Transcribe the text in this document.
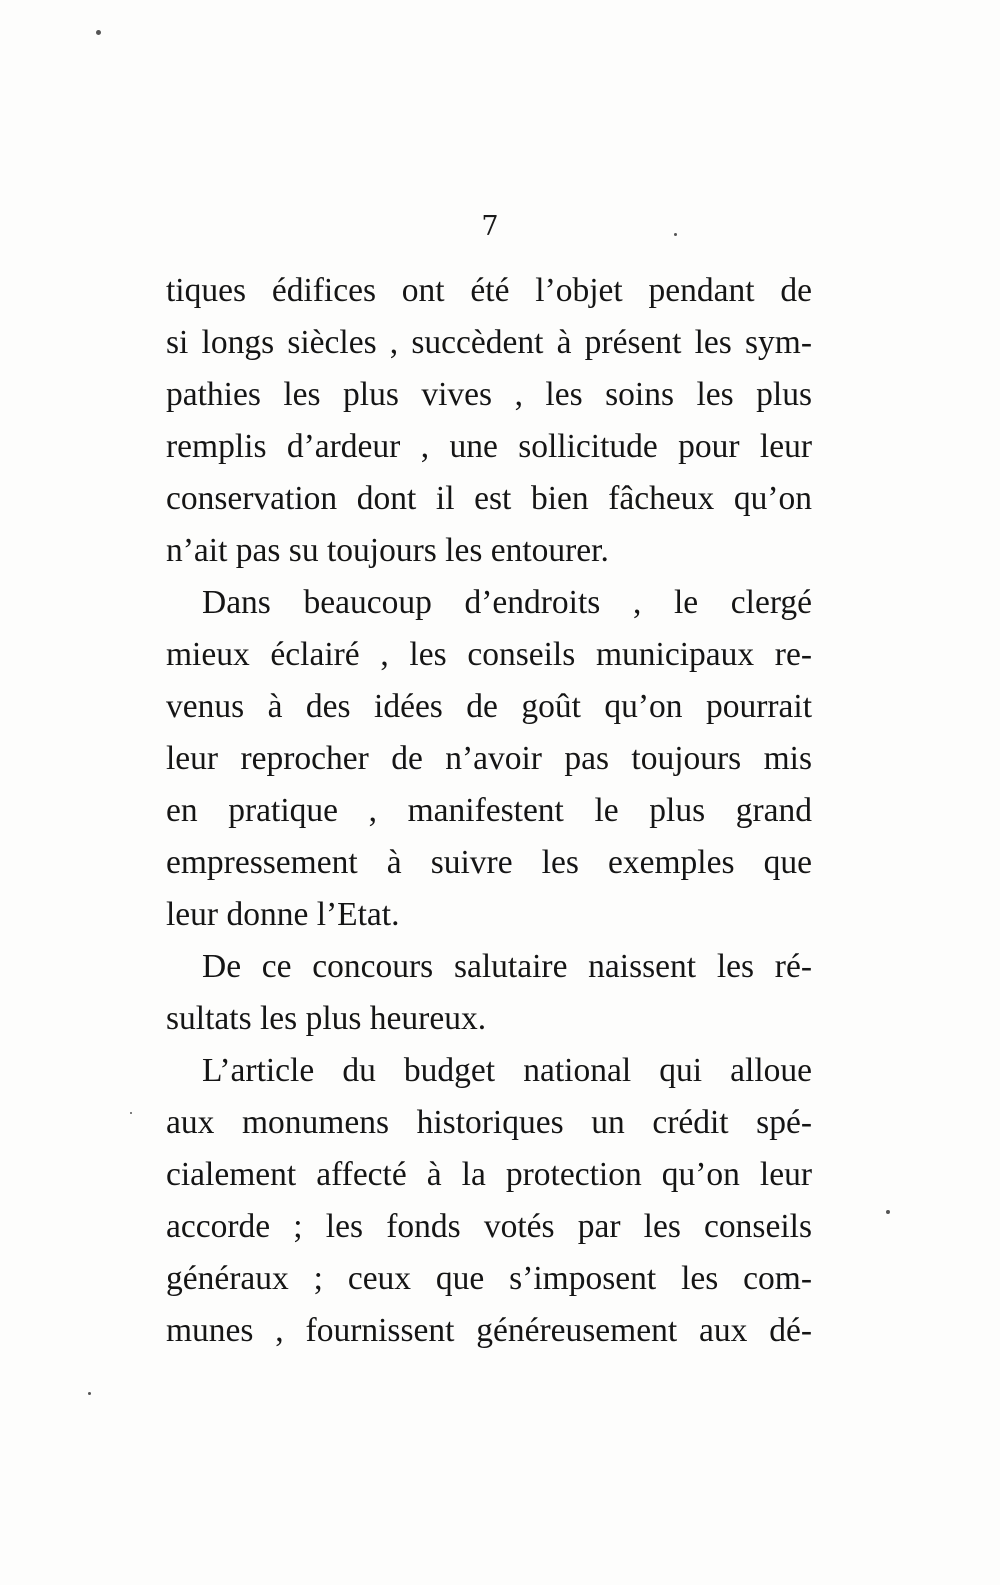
7
tiques édifices ont été l’objet pendant de
si longs siècles , succèdent à présent les sym-
pathies les plus vives , les soins les plus
remplis d’ardeur , une sollicitude pour leur
conservation dont il est bien fâcheux qu’on
n’ait pas su toujours les entourer.
Dans beaucoup d’endroits , le clergé
mieux éclairé , les conseils municipaux re-
venus à des idées de goût qu’on pourrait
leur reprocher de n’avoir pas toujours mis
en pratique , manifestent le plus grand
empressement à suivre les exemples que
leur donne l’Etat.
De ce concours salutaire naissent les ré-
sultats les plus heureux.
L’article du budget national qui alloue
aux monumens historiques un crédit spé-
cialement affecté à la protection qu’on leur
accorde ; les fonds votés par les conseils
généraux ; ceux que s’imposent les com-
munes , fournissent généreusement aux dé-
